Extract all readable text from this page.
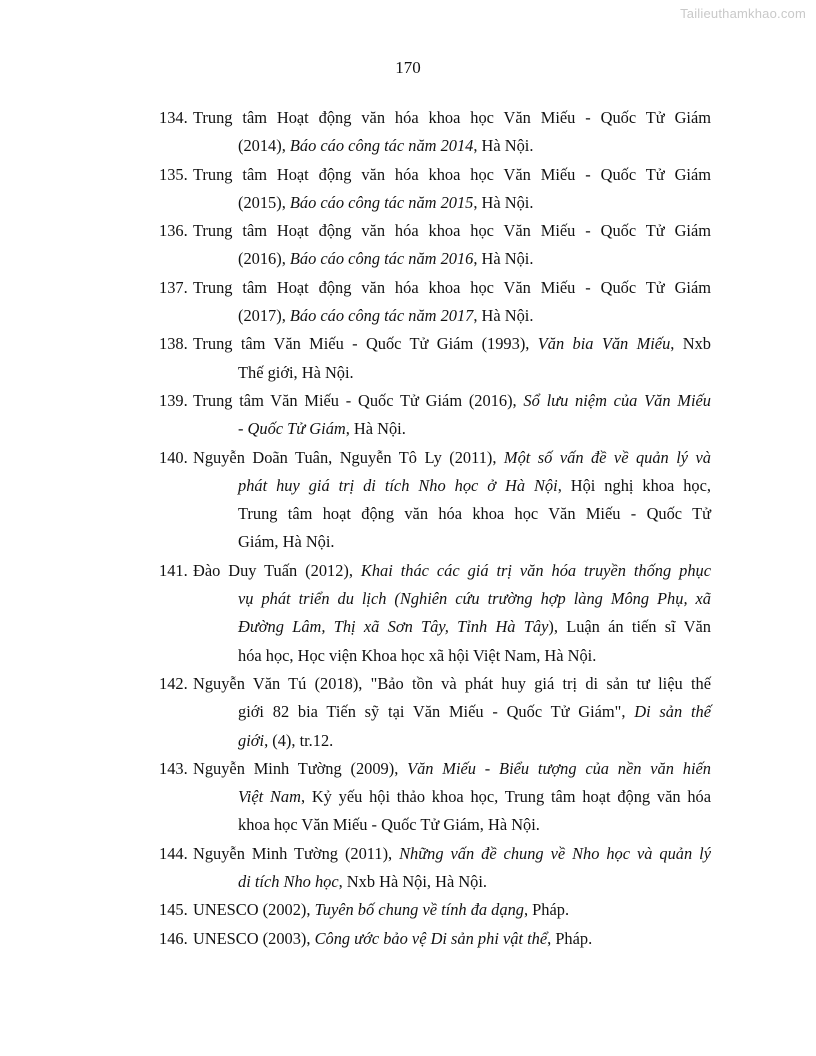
Tailieuthamkhao.com
170
134. Trung tâm Hoạt động văn hóa khoa học Văn Miếu - Quốc Tử Giám
(2014), Báo cáo công tác năm 2014, Hà Nội.
135. Trung tâm Hoạt động văn hóa khoa học Văn Miếu - Quốc Tử Giám
(2015), Báo cáo công tác năm 2015, Hà Nội.
136. Trung tâm Hoạt động văn hóa khoa học Văn Miếu - Quốc Tử Giám
(2016), Báo cáo công tác năm 2016, Hà Nội.
137. Trung tâm Hoạt động văn hóa khoa học Văn Miếu - Quốc Tử Giám
(2017), Báo cáo công tác năm 2017, Hà Nội.
138. Trung tâm Văn Miếu - Quốc Tử Giám (1993), Văn bia Văn Miếu, Nxb
Thế giới, Hà Nội.
139. Trung tâm Văn Miếu - Quốc Tử Giám (2016), Sổ lưu niệm của Văn Miếu
- Quốc Tử Giám, Hà Nội.
140. Nguyễn Doãn Tuân, Nguyễn Tô Ly (2011), Một số vấn đề về quản lý và
phát huy giá trị di tích Nho học ở Hà Nội, Hội nghị khoa học,
Trung tâm hoạt động văn hóa khoa học Văn Miếu - Quốc Tử
Giám, Hà Nội.
141. Đào Duy Tuấn (2012), Khai thác các giá trị văn hóa truyền thống phục
vụ phát triển du lịch (Nghiên cứu trường hợp làng Mông Phụ, xã
Đường Lâm, Thị xã Sơn Tây, Tỉnh Hà Tây), Luận án tiến sĩ Văn
hóa học, Học viện Khoa học xã hội Việt Nam, Hà Nội.
142. Nguyễn Văn Tú (2018), "Bảo tồn và phát huy giá trị di sản tư liệu thế
giới 82 bia Tiến sỹ tại Văn Miếu - Quốc Tử Giám", Di sản thế
giới, (4), tr.12.
143. Nguyễn Minh Tường (2009), Văn Miếu - Biểu tượng của nền văn hiến
Việt Nam, Kỷ yếu hội thảo khoa học, Trung tâm hoạt động văn hóa
khoa học Văn Miếu - Quốc Tử Giám, Hà Nội.
144. Nguyễn Minh Tường (2011), Những vấn đề chung về Nho học và quản lý
di tích Nho học, Nxb Hà Nội, Hà Nội.
145. UNESCO (2002), Tuyên bố chung về tính đa dạng, Pháp.
146. UNESCO (2003), Công ước bảo vệ Di sản phi vật thể, Pháp.
